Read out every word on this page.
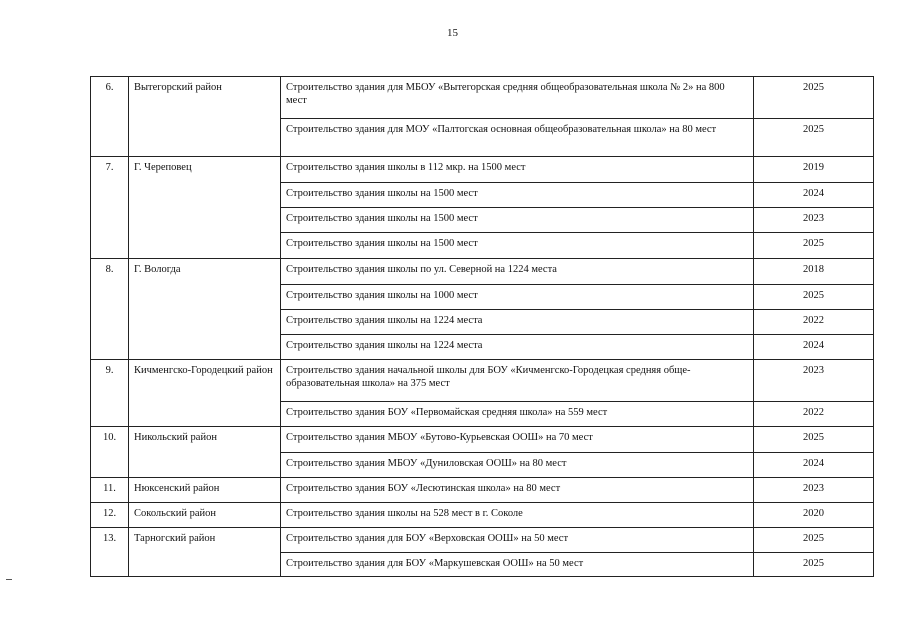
15
6.	Вытегорский район	Строительство здания для МБОУ «Вытегорская средняя общеобразовательная школа № 2» на 800 мест	2025
		Строительство здания для МОУ «Палтогская основная общеобразовательная школа» на 80 мест	2025
7.	Г. Череповец	Строительство здания школы в 112 мкр. на 1500 мест	2019
		Строительство здания школы на 1500 мест	2024
		Строительство здания школы на 1500 мест	2023
		Строительство здания школы на 1500 мест	2025
8.	Г. Вологда	Строительство здания школы по ул. Северной на 1224 места	2018
		Строительство здания школы на 1000 мест	2025
		Строительство здания школы на 1224 места	2022
		Строительство здания школы на 1224 места	2024
9.	Кичменгско-Городецкий район	Строительство здания начальной школы для БОУ «Кичменгско-Городецкая средняя обще-образовательная школа» на 375 мест	2023
		Строительство здания БОУ «Первомайская средняя школа» на 559 мест	2022
10.	Никольский район	Строительство здания МБОУ «Бутово-Курьевская ООШ» на 70 мест	2025
		Строительство здания МБОУ «Дуниловская ООШ» на 80 мест	2024
11.	Нюксенский район	Строительство здания БОУ «Лесютинская школа» на 80 мест	2023
12.	Сокольский район	Строительство здания школы на 528 мест в г. Соколе	2020
13.	Тарногский район	Строительство здания для БОУ «Верховская ООШ» на 50 мест	2025
		Строительство здания для БОУ «Маркушевская ООШ» на 50 мест	2025
